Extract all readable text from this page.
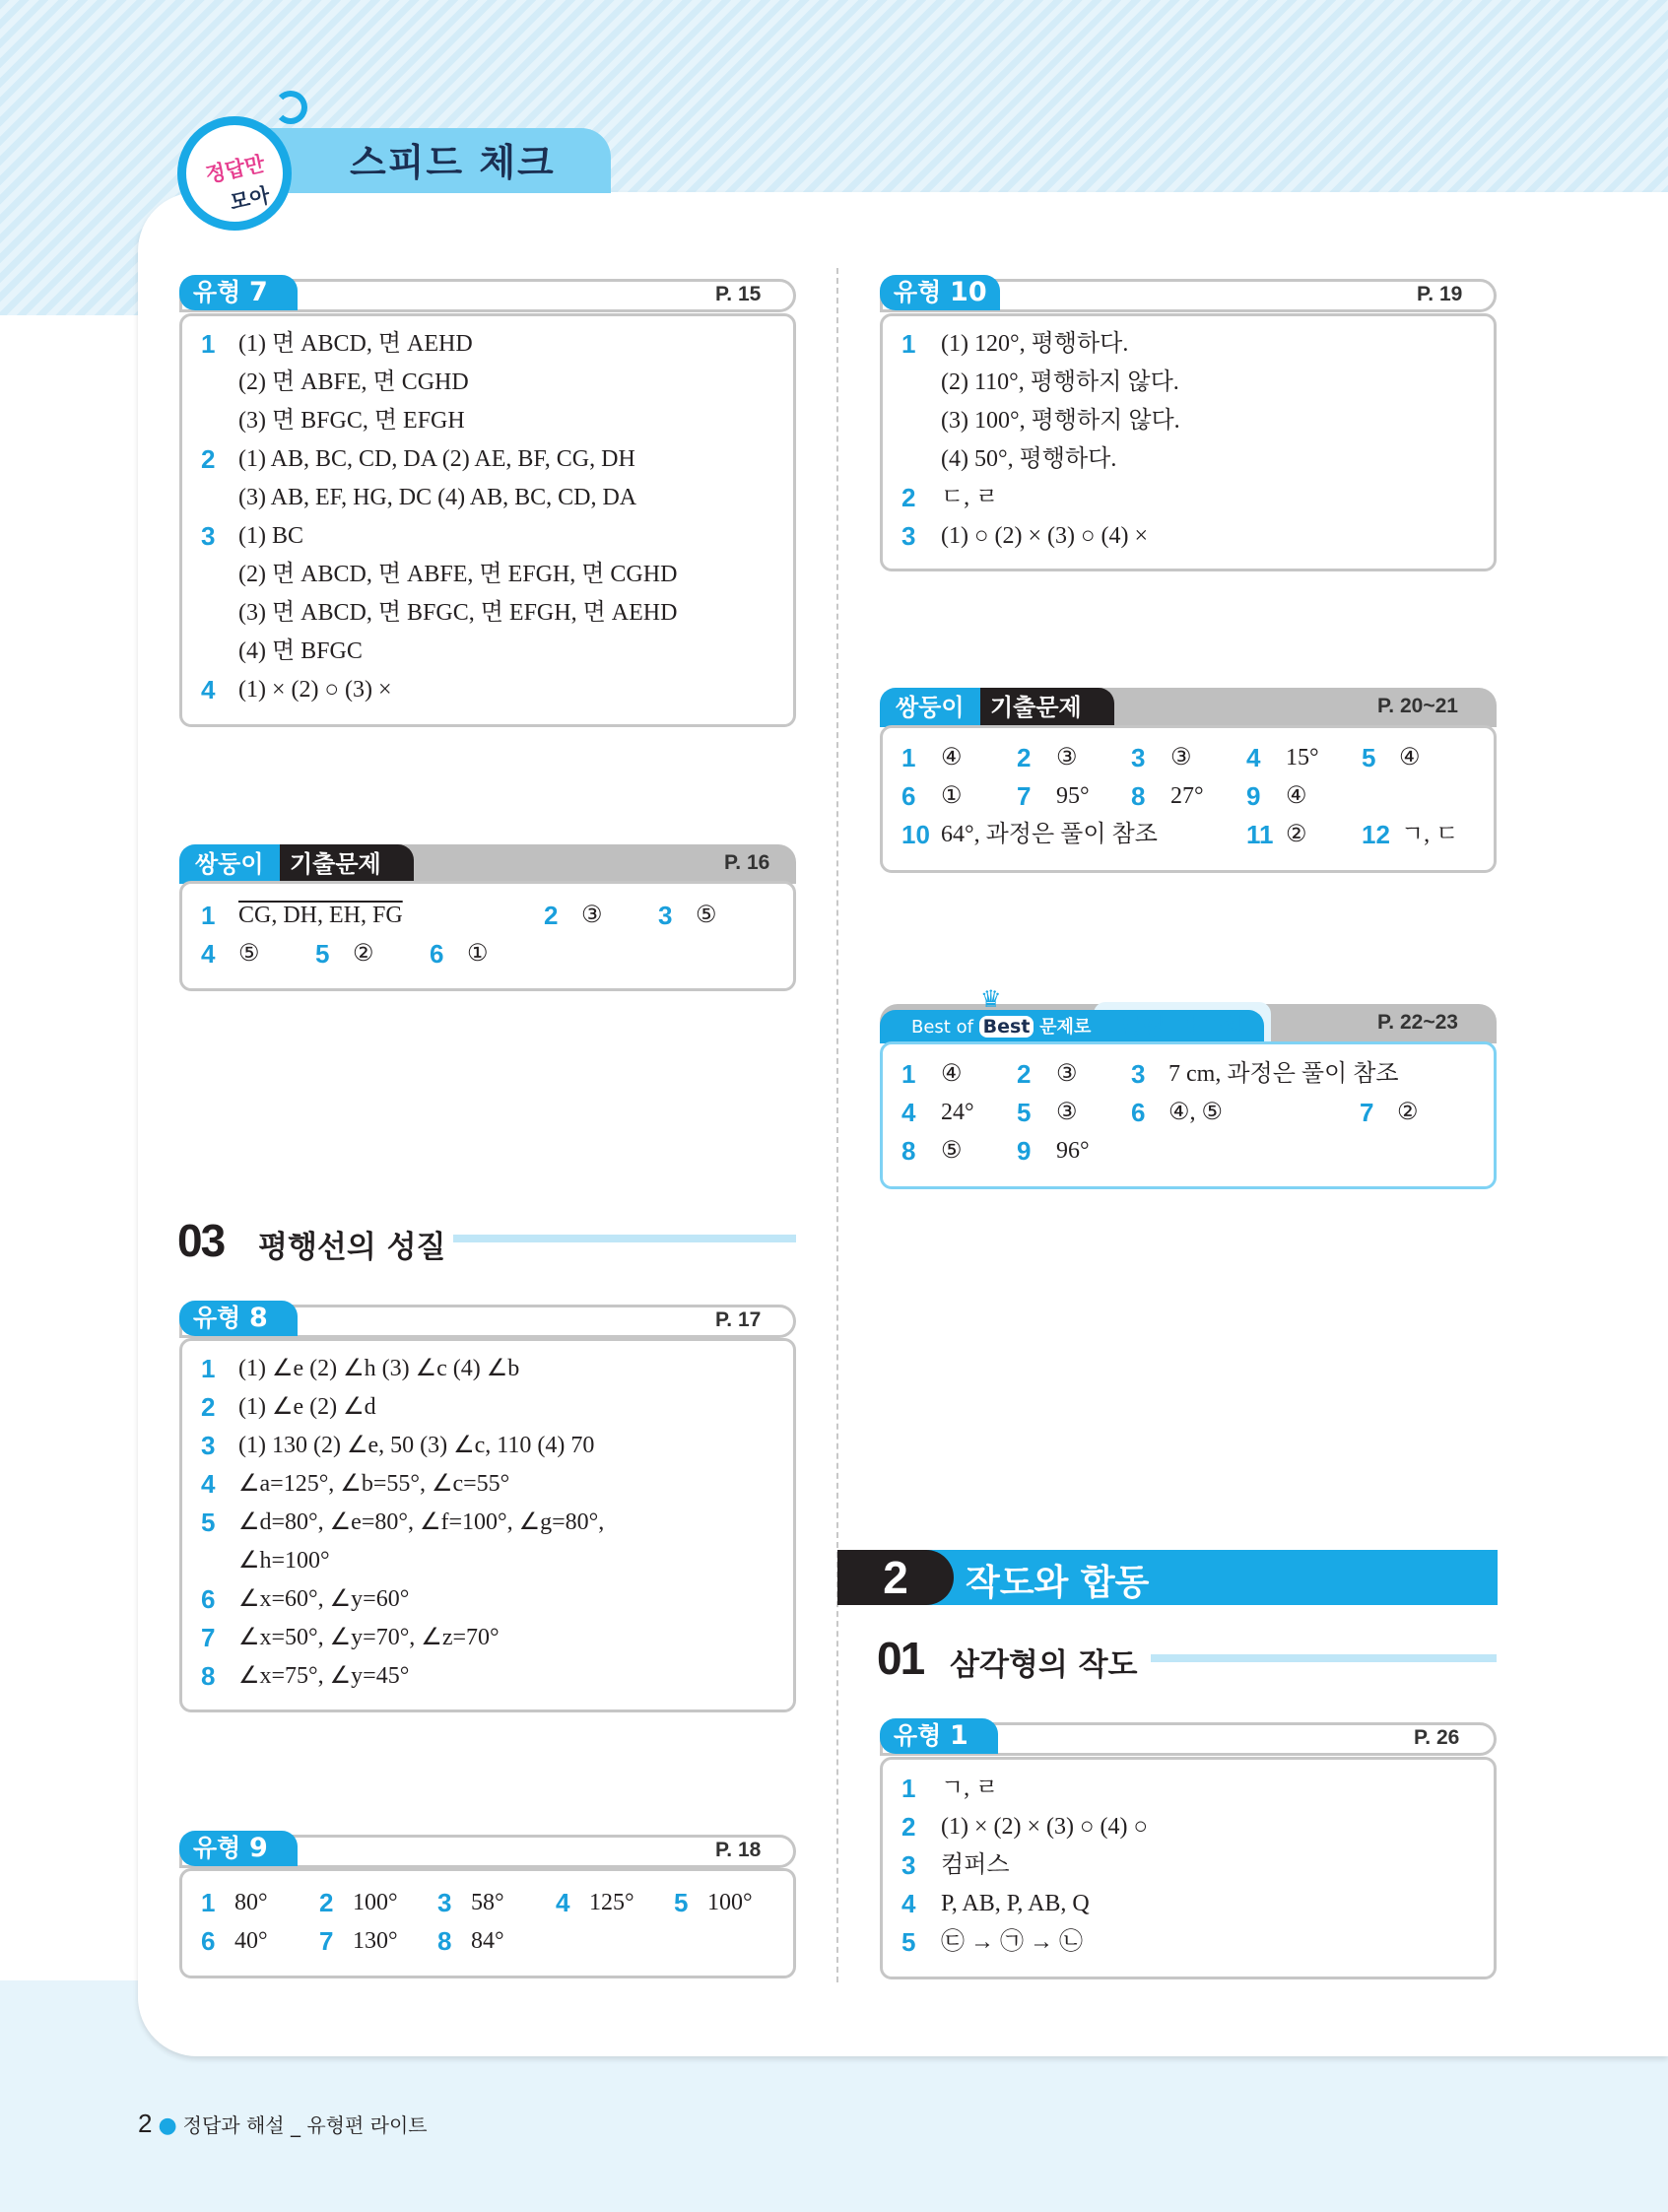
스피드 체크
정답만
모아
유형 7	P. 15
1 (1) 면 ABCD, 면 AEHD
(2) 면 ABFE, 면 CGHD
(3) 면 BFGC, 면 EFGH
2 (1) AB, BC, CD, DA (2) AE, BF, CG, DH
(3) AB, EF, HG, DC (4) AB, BC, CD, DA
3 (1) BC
(2) 면 ABCD, 면 ABFE, 면 EFGH, 면 CGHD
(3) 면 ABCD, 면 BFGC, 면 EFGH, 면 AEHD
(4) 면 BFGC
4 (1) × (2) ○ (3) ×
쌍둥이	기출문제	P. 16
1 CG, DH, EH, FG	2 ③ 3 ⑤
4 ⑤ 5 ② 6 ①
03 평행선의 성질
유형 8	P. 17
1 (1) ∠e (2) ∠h (3) ∠c (4) ∠b
2 (1) ∠e (2) ∠d
3 (1) 130 (2) ∠e, 50 (3) ∠c, 110 (4) 70
4 ∠a=125°, ∠b=55°, ∠c=55°
5 ∠d=80°, ∠e=80°, ∠f=100°, ∠g=80°,
∠h=100°
6 ∠x=60°, ∠y=60°
7 ∠x=50°, ∠y=70°, ∠z=70°
8 ∠x=75°, ∠y=45°
유형 9	P. 18
1 80° 2 100° 3 58° 4 125° 5 100°
6 40° 7 130° 8 84°
유형 10	P. 19
1 (1) 120°, 평행하다.
(2) 110°, 평행하지 않다.
(3) 100°, 평행하지 않다.
(4) 50°, 평행하다.
2 ㄷ, ㄹ
3 (1) ○ (2) × (3) ○ (4) ×
쌍둥이	기출문제	P. 20~21
1 ④ 2 ③ 3 ③ 4 15° 5 ④
6 ① 7 95° 8 27° 9 ④
10 64°, 과정은 풀이 참조	11 ② 12 ㄱ, ㄷ
♛
Best of Best 문제로 단원 마무리	P. 22~23
1 ④ 2 ③ 3 7 cm, 과정은 풀이 참조
4 24° 5 ③ 6 ④, ⑤	7 ②
8 ⑤ 9 96°
2	작도와 합동
01 삼각형의 작도
유형 1	P. 26
1 ㄱ, ㄹ
2 (1) × (2) × (3) ○ (4) ○
3 컴퍼스
4 P, AB, P, AB, Q
5 ㉢ → ㉠ → ㉡
2 ● 정답과 해설 _ 유형편 라이트
